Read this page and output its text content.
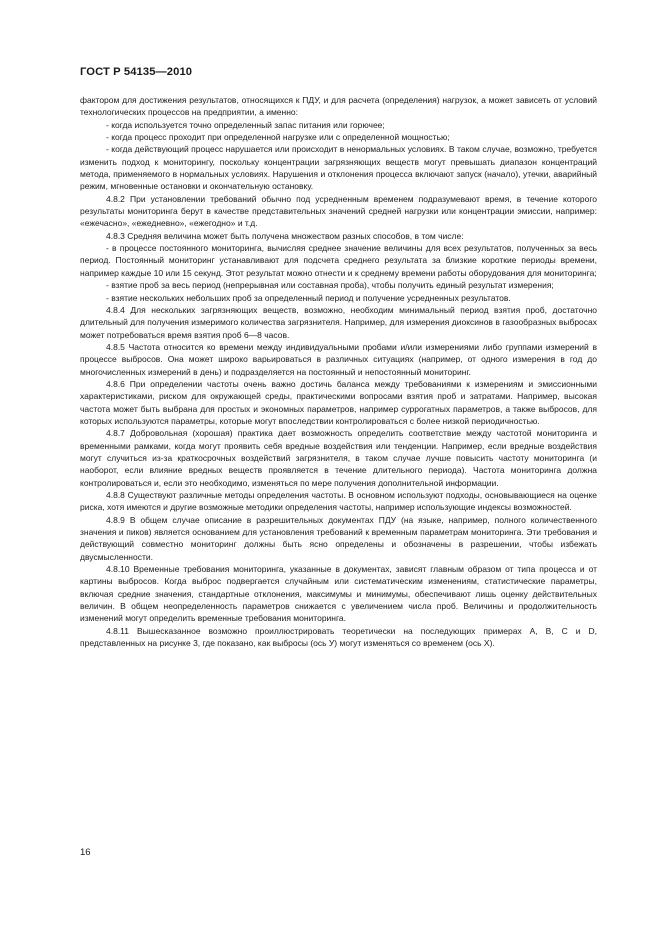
ГОСТ Р 54135—2010

фактором для достижения результатов, относящихся к ПДУ, и для расчета (определения) нагрузок, а может зависеть от условий технологических процессов на предприятии, а именно:

- когда используется точно определенный запас питания или горючее;

- когда процесс проходит при определенной нагрузке или с определенной мощностью;

- когда действующий процесс нарушается или происходит в ненормальных условиях. В таком случае, возможно, требуется изменить подход к мониторингу, поскольку концентрации загрязняющих веществ могут превышать диапазон концентраций метода, применяемого в нормальных условиях. Нарушения и отклонения процесса включают запуск (начало), утечки, аварийный режим, мгновенные остановки и окончательную остановку.

4.8.2 При установлении требований обычно под усредненным временем подразумевают время, в течение которого результаты мониторинга берут в качестве представительных значений средней нагрузки или концентрации эмиссии, например: «ежечасно», «ежедневно», «ежегодно» и т.д.

4.8.3 Средняя величина может быть получена множеством разных способов, в том числе:

- в процессе постоянного мониторинга, вычисляя среднее значение величины для всех результатов, полученных за весь период. Постоянный мониторинг устанавливают для подсчета среднего результата за близкие короткие периоды времени, например каждые 10 или 15 секунд. Этот результат можно отнести и к среднему времени работы оборудования для мониторинга;

- взятие проб за весь период (непрерывная или составная проба), чтобы получить единый результат измерения;

- взятие нескольких небольших проб за определенный период и получение усредненных результатов.

4.8.4 Для нескольких загрязняющих веществ, возможно, необходим минимальный период взятия проб, достаточно длительный для получения измеримого количества загрязнителя. Например, для измерения диоксинов в газообразных выбросах может потребоваться время взятия проб 6—8 часов.

4.8.5 Частота относится ко времени между индивидуальными пробами и/или измерениями либо группами измерений в процессе выбросов. Она может широко варьироваться в различных ситуациях (например, от одного измерения в год до многочисленных измерений в день) и подразделяется на постоянный и непостоянный мониторинг.

4.8.6 При определении частоты очень важно достичь баланса между требованиями к измерениям и эмиссионными характеристиками, риском для окружающей среды, практическими вопросами взятия проб и затратами. Например, высокая частота может быть выбрана для простых и экономных параметров, например суррогатных параметров, а также выбросов, для которых используются параметры, которые могут впоследствии контролироваться с более низкой периодичностью.

4.8.7 Добровольная (хорошая) практика дает возможность определить соответствие между частотой мониторинга и временными рамками, когда могут проявить себя вредные воздействия или тенденции. Например, если вредные воздействия могут случиться из-за краткосрочных воздействий загрязнителя, в таком случае лучше повысить частоту мониторинга (и наоборот, если влияние вредных веществ проявляется в течение длительного периода). Частота мониторинга должна контролироваться и, если это необходимо, изменяться по мере получения дополнительной информации.

4.8.8 Существуют различные методы определения частоты. В основном используют подходы, основывающиеся на оценке риска, хотя имеются и другие возможные методики определения частоты, например использующие индексы возможностей.

4.8.9 В общем случае описание в разрешительных документах ПДУ (на языке, например, полного количественного значения и пиков) является основанием для установления требований к временным параметрам мониторинга. Эти требования и действующий совместно мониторинг должны быть ясно определены и обозначены в разрешении, чтобы избежать двусмысленности.

4.8.10 Временные требования мониторинга, указанные в документах, зависят главным образом от типа процесса и от картины выбросов. Когда выброс подвергается случайным или систематическим изменениям, статистические параметры, включая средние значения, стандартные отклонения, максимумы и минимумы, обеспечивают лишь оценку действительных величин. В общем неопределенность параметров снижается с увеличением числа проб. Величины и продолжительность изменений могут определить временные требования мониторинга.

4.8.11 Вышесказанное возможно проиллюстрировать теоретически на последующих примерах А, В, С и D, представленных на рисунке 3, где показано, как выбросы (ось У) могут изменяться со временем (ось Х).

16
